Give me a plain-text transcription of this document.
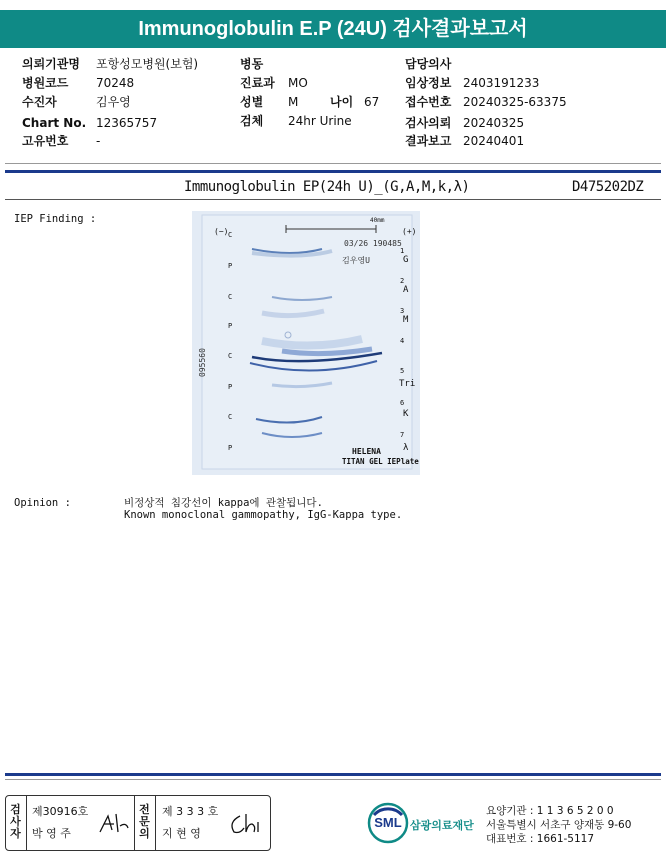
Immunoglobulin E.P (24U) 검사결과보고서
의뢰기관명 포항성모병원(보험)
병원코드 70248
수진자	김우영
Chart No. 12365757
고유번호 -
병동
진료과 MO
성별 M	나이 67
검체 24hr Urine
담당의사
임상정보 2403191233
접수번호 20240325-63375
검사의뢰 20240325
결과보고 20240401
Immunoglobulin EP(24h U)_(G,A,M,k,λ)	D475202DZ
IEP Finding :
(−)	(+)
40mm
03/26 190485
김우영U
095560
HELENA
TITAN GEL IEPlate
C
P
C
P
C
P
C
P
1
G
2
A
3
M
4
5
Tri
6
K
7
λ
Opinion :	비정상적 침강선이 kappa에 관찰됩니다.
Known monoclonal gammopathy, IgG-Kappa type.
검사자
제30916호
박 영 주
전문의
제 3 3 3 호
지 현 영
SML 삼광의료재단
요양기관 : 1 1 3 6 5 2 0 0
서울특별시 서초구 양재동 9-60
대표번호 : 1661-5117
